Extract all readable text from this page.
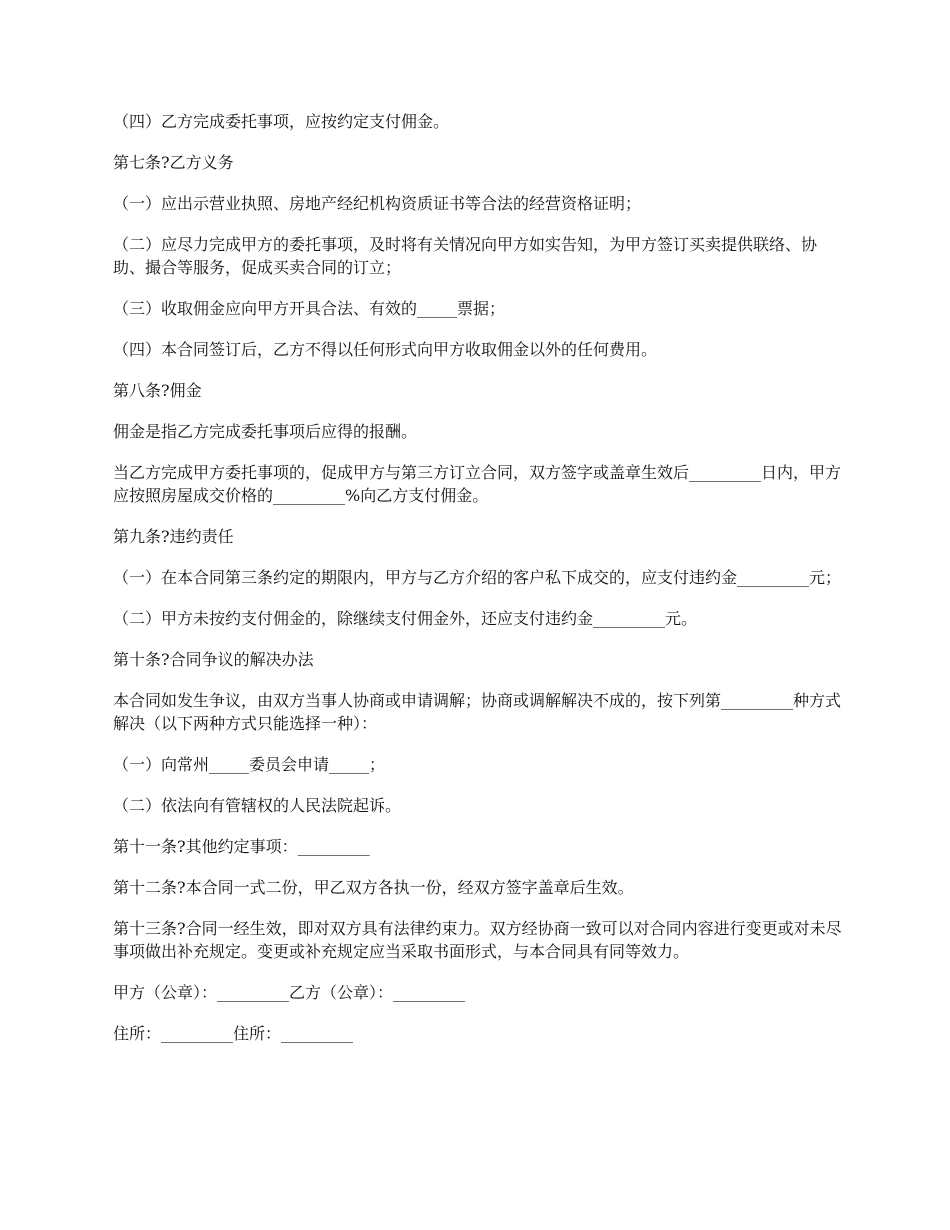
（四）乙方完成委托事项，应按约定支付佣金。

第七条?乙方义务

（一）应出示营业执照、房地产经纪机构资质证书等合法的经营资格证明；

（二）应尽力完成甲方的委托事项，及时将有关情况向甲方如实告知，为甲方签订买卖提供联络、协助、撮合等服务，促成买卖合同的订立；

（三）收取佣金应向甲方开具合法、有效的_____票据；

（四）本合同签订后，乙方不得以任何形式向甲方收取佣金以外的任何费用。

第八条?佣金

佣金是指乙方完成委托事项后应得的报酬。

当乙方完成甲方委托事项的，促成甲方与第三方订立合同，双方签字或盖章生效后_________日内，甲方应按照房屋成交价格的_________%向乙方支付佣金。

第九条?违约责任

（一）在本合同第三条约定的期限内，甲方与乙方介绍的客户私下成交的，应支付违约金_________元；

（二）甲方未按约支付佣金的，除继续支付佣金外，还应支付违约金_________元。

第十条?合同争议的解决办法

本合同如发生争议，由双方当事人协商或申请调解；协商或调解解决不成的，按下列第_________种方式解决（以下两种方式只能选择一种）：

（一）向常州_____委员会申请_____；

（二）依法向有管辖权的人民法院起诉。

第十一条?其他约定事项：_________

第十二条?本合同一式二份，甲乙双方各执一份，经双方签字盖章后生效。

第十三条?合同一经生效，即对双方具有法律约束力。双方经协商一致可以对合同内容进行变更或对未尽事项做出补充规定。变更或补充规定应当采取书面形式，与本合同具有同等效力。

甲方（公章）：_________乙方（公章）：_________

住所：_________住所：_________
